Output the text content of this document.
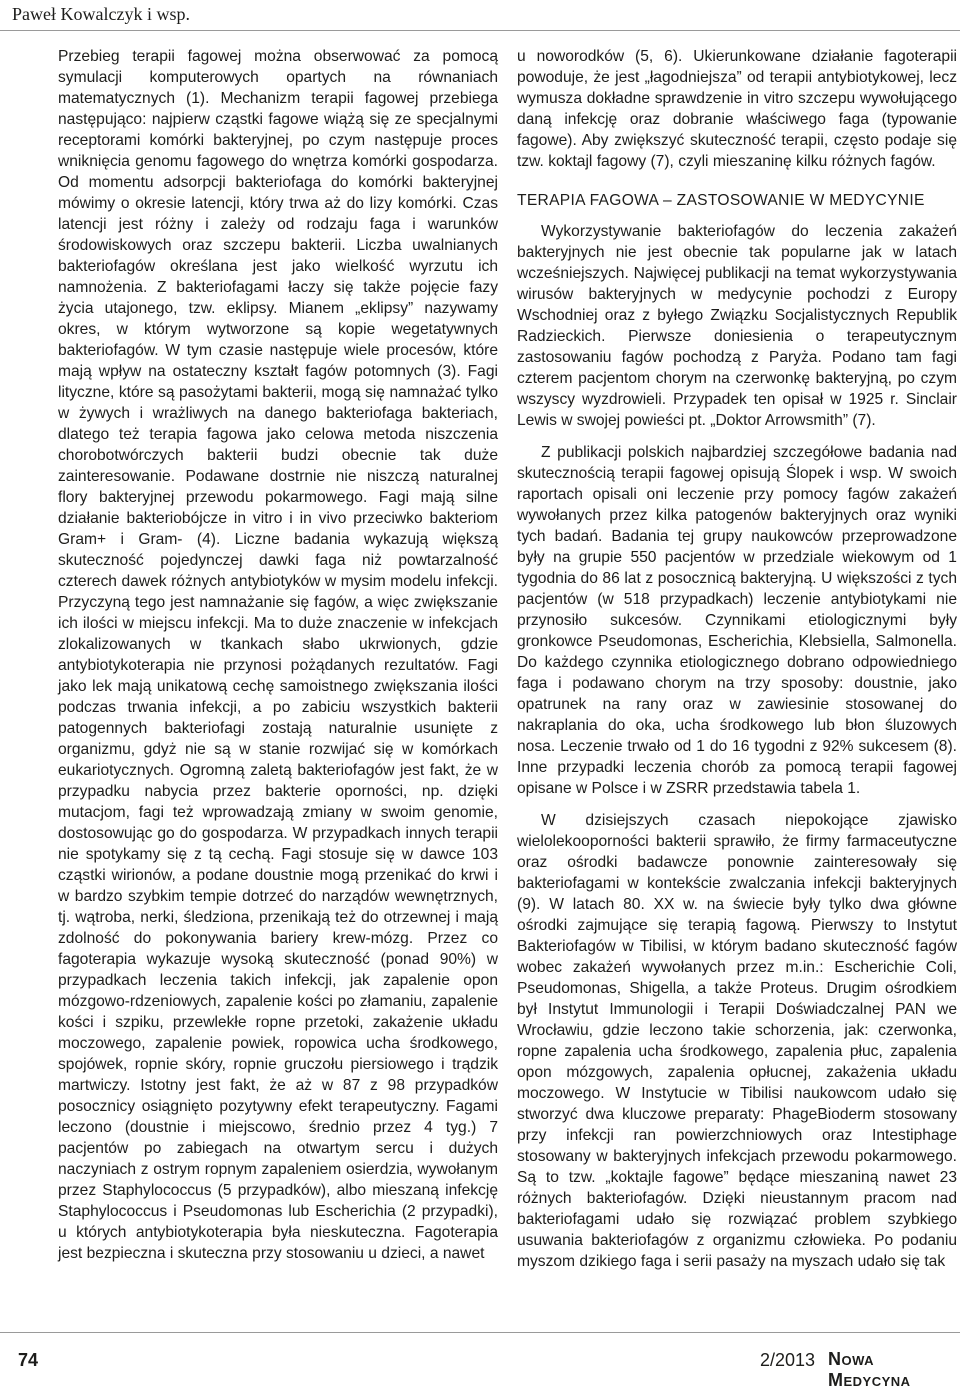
Paweł Kowalczyk i wsp.

Przebieg terapii fagowej można obserwować za pomocą symulacji komputerowych opartych na równaniach matematycznych (1). Mechanizm terapii fagowej przebiega następująco: najpierw cząstki fagowe wiążą się ze specjalnymi receptorami komórki bakteryjnej, po czym następuje proces wniknięcia genomu fagowego do wnętrza komórki gospodarza. Od momentu adsorpcji bakteriofaga do komórki bakteryjnej mówimy o okresie latencji, który trwa aż do lizy komórki. Czas latencji jest różny i zależy od rodzaju faga i warunków środowiskowych oraz szczepu bakterii. Liczba uwalnianych bakteriofagów określana jest jako wielkość wyrzutu ich namnożenia. Z bakteriofagami łaczy się także pojęcie fazy życia utajonego, tzw. eklipsy. Mianem „eklipsy” nazywamy okres, w którym wytworzone są kopie wegetatywnych bakteriofagów. W tym czasie następuje wiele procesów, które mają wpływ na ostateczny kształt fagów potomnych (3). Fagi lityczne, które są pasożytami bakterii, mogą się namnażać tylko w żywych i wrażliwych na danego bakteriofaga bakteriach, dlatego też terapia fagowa jako celowa metoda niszczenia chorobotwórczych bakterii budzi obecnie tak duże zainteresowanie. Podawane dostrnie nie niszczą naturalnej flory bakteryjnej przewodu pokarmowego. Fagi mają silne działanie bakteriobójcze in vitro i in vivo przeciwko bakteriom Gram+ i Gram- (4). Liczne badania wykazują większą skuteczność pojedynczej dawki faga niż powtarzalność czterech dawek różnych antybiotyków w mysim modelu infekcji. Przyczyną tego jest namnażanie się fagów, a więc zwiększanie ich ilości w miejscu infekcji. Ma to duże znaczenie w infekcjach zlokalizowanych w tkankach słabo ukrwionych, gdzie antybiotykoterapia nie przynosi pożądanych rezultatów. Fagi jako lek mają unikatową cechę samoistnego zwiększania ilości podczas trwania infekcji, a po zabiciu wszystkich bakterii patogennych bakteriofagi zostają naturalnie usunięte z organizmu, gdyż nie są w stanie rozwijać się w komórkach eukariotycznych. Ogromną zaletą bakteriofagów jest fakt, że w przypadku nabycia przez bakterie oporności, np. dzięki mutacjom, fagi też wprowadzają zmiany w swoim genomie, dostosowując go do gospodarza. W przypadkach innych terapii nie spotykamy się z tą cechą. Fagi stosuje się w dawce 103 cząstki wirionów, a podane doustnie mogą przenikać do krwi i w bardzo szybkim tempie dotrzeć do narządów wewnętrznych, tj. wątroba, nerki, śledziona, przenikają też do otrzewnej i mają zdolność do pokonywania bariery krew-mózg. Przez co fagoterapia wykazuje wysoką skuteczność (ponad 90%) w przypadkach leczenia takich infekcji, jak zapalenie opon mózgowo-rdzeniowych, zapalenie kości po złamaniu, zapalenie kości i szpiku, przewlekłe ropne przetoki, zakażenie układu moczowego, zapalenie powiek, ropowica ucha środkowego, spojówek, ropnie skóry, ropnie gruczołu piersiowego i trądzik martwiczy. Istotny jest fakt, że aż w 87 z 98 przypadków posocznicy osiągnięto pozytywny efekt terapeutyczny. Fagami leczono (doustnie i miejscowo, średnio przez 4 tyg.) 7 pacjentów po zabiegach na otwartym sercu i dużych naczyniach z ostrym ropnym zapaleniem osierdzia, wywołanym przez Staphylococcus (5 przypadków), albo mieszaną infekcję Staphylococcus i Pseudomonas lub Escherichia (2 przypadki), u których antybiotykoterapia była nieskuteczna. Fagoterapia jest bezpieczna i skuteczna przy stosowaniu u dzieci, a nawet

u noworodków (5, 6). Ukierunkowane działanie fagoterapii powoduje, że jest „łagodniejsza” od terapii antybiotykowej, lecz wymusza dokładne sprawdzenie in vitro szczepu wywołującego daną infekcję oraz dobranie właściwego faga (typowanie fagowe). Aby zwiększyć skuteczność terapii, często podaje się tzw. koktajl fagowy (7), czyli mieszaninę kilku różnych fagów.

TERAPIA FAGOWA – ZASTOSOWANIE W MEDYCYNIE

Wykorzystywanie bakteriofagów do leczenia zakażeń bakteryjnych nie jest obecnie tak popularne jak w latach wcześniejszych. Najwięcej publikacji na temat wykorzystywania wirusów bakteryjnych w medycynie pochodzi z Europy Wschodniej oraz z byłego Związku Socjalistycznych Republik Radzieckich. Pierwsze doniesienia o terapeutycznym zastosowaniu fagów pochodzą z Paryża. Podano tam fagi czterem pacjentom chorym na czerwonkę bakteryjną, po czym wszyscy wyzdrowieli. Przypadek ten opisał w 1925 r. Sinclair Lewis w swojej powieści pt. „Doktor Arrowsmith” (7).

Z publikacji polskich najbardziej szczegółowe badania nad skutecznością terapii fagowej opisują Ślopek i wsp. W swoich raportach opisali oni leczenie przy pomocy fagów zakażeń wywołanych przez kilka patogenów bakteryjnych oraz wyniki tych badań. Badania tej grupy naukowców przeprowadzone były na grupie 550 pacjentów w przedziale wiekowym od 1 tygodnia do 86 lat z posocznicą bakteryjną. U większości z tych pacjentów (w 518 przypadkach) leczenie antybiotykami nie przynosiło sukcesów. Czynnikami etiologicznymi były gronkowce Pseudomonas, Escherichia, Klebsiella, Salmonella. Do każdego czynnika etiologicznego dobrano odpowiedniego faga i podawano chorym na trzy sposoby: doustnie, jako opatrunek na rany oraz w zawiesinie stosowanej do nakraplania do oka, ucha środkowego lub błon śluzowych nosa. Leczenie trwało od 1 do 16 tygodni z 92% sukcesem (8). Inne przypadki leczenia chorób za pomocą terapii fagowej opisane w Polsce i w ZSRR przedstawia tabela 1.

W dzisiejszych czasach niepokojące zjawisko wielolekooporności bakterii sprawiło, że firmy farmaceutyczne oraz ośrodki badawcze ponownie zainteresowały się bakteriofagami w kontekście zwalczania infekcji bakteryjnych (9). W latach 80. XX w. na świecie były tylko dwa główne ośrodki zajmujące się terapią fagową. Pierwszy to Instytut Bakteriofagów w Tibilisi, w którym badano skuteczność fagów wobec zakażeń wywołanych przez m.in.: Escherichie Coli, Pseudomonas, Shigella, a także Proteus. Drugim ośrodkiem był Instytut Immunologii i Terapii Doświadczalnej PAN we Wrocławiu, gdzie leczono takie schorzenia, jak: czerwonka, ropne zapalenia ucha środkowego, zapalenia płuc, zapalenia opon mózgowych, zapalenia opłucnej, zakażenia układu moczowego. W Instytucie w Tibilisi naukowcom udało się stworzyć dwa kluczowe preparaty: PhageBioderm stosowany przy infekcji ran powierzchniowych oraz Intestiphage stosowany w bakteryjnych infekcjach przewodu pokarmowego. Są to tzw. „koktajle fagowe” będące mieszaniną nawet 23 różnych bakteriofagów. Dzięki nieustannym pracom nad bakteriofagami udało się rozwiązać problem szybkiego usuwania bakteriofagów z organizmu człowieka. Po podaniu myszom dzikiego faga i serii pasaży na myszach udało się tak

74	2/2013 Nowa Medycyna
